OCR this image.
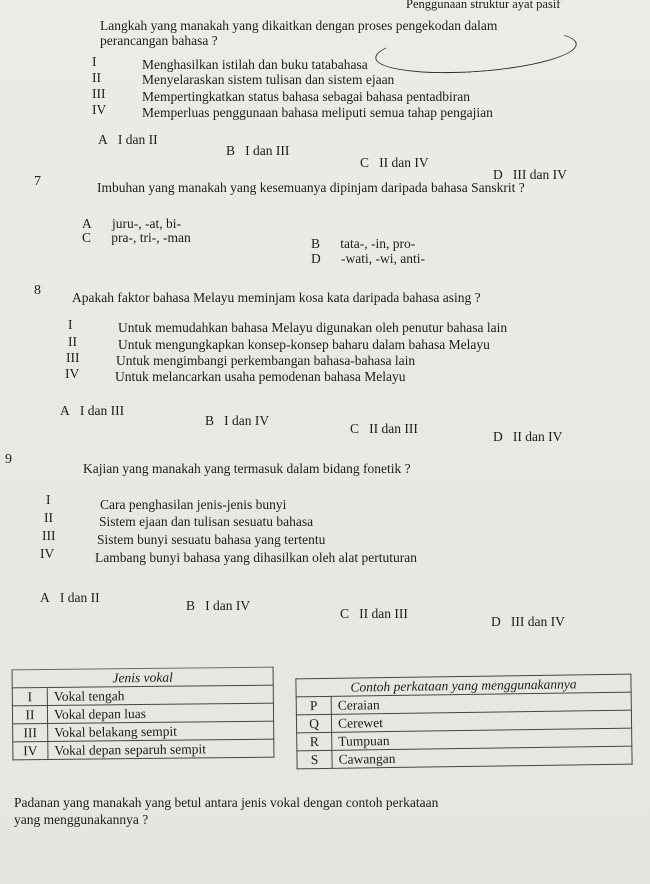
Penggunaan struktur ayat pasif
Langkah yang manakah yang dikaitkan dengan proses pengekodan dalam
perancangan bahasa ?
I	Menghasilkan istilah dan buku tatabahasa
II	Menyelaraskan sistem tulisan dan sistem ejaan
III	Mempertingkatkan status bahasa sebagai bahasa pentadbiran
IV	Memperluas penggunaan bahasa meliputi semua tahap pengajian
A I dan II
B I dan III
C II dan IV
D III dan IV
7	Imbuhan yang manakah yang kesemuanya dipinjam daripada bahasa Sanskrit ?
A juru-, -at, bi-
B tata-, -in, pro-
C pra-, tri-, -man
D -wati, -wi, anti-
8 Apakah faktor bahasa Melayu meminjam kosa kata daripada bahasa asing ?
I	Untuk memudahkan bahasa Melayu digunakan oleh penutur bahasa lain
II	Untuk mengungkapkan konsep-konsep baharu dalam bahasa Melayu
III	Untuk mengimbangi perkembangan bahasa-bahasa lain
IV	Untuk melancarkan usaha pemodenan bahasa Melayu
A I dan III
B I dan IV
C II dan III
D II dan IV
9
Kajian yang manakah yang termasuk dalam bidang fonetik ?
I	Cara penghasilan jenis-jenis bunyi
II	Sistem ejaan dan tulisan sesuatu bahasa
III	Sistem bunyi sesuatu bahasa yang tertentu
IV	Lambang bunyi bahasa yang dihasilkan oleh alat pertuturan
A I dan II
B I dan IV
C II dan III
D III dan IV
Jenis vokal	
I	Vokal tengah
II	Vokal depan luas
III	Vokal belakang sempit
IV	Vokal depan separuh sempit
Contoh perkataan yang menggunakannya	
P	Ceraian
Q	Cerewet
R	Tumpuan
S	Cawangan
Padanan yang manakah yang betul antara jenis vokal dengan contoh perkataan
yang menggunakannya ?
